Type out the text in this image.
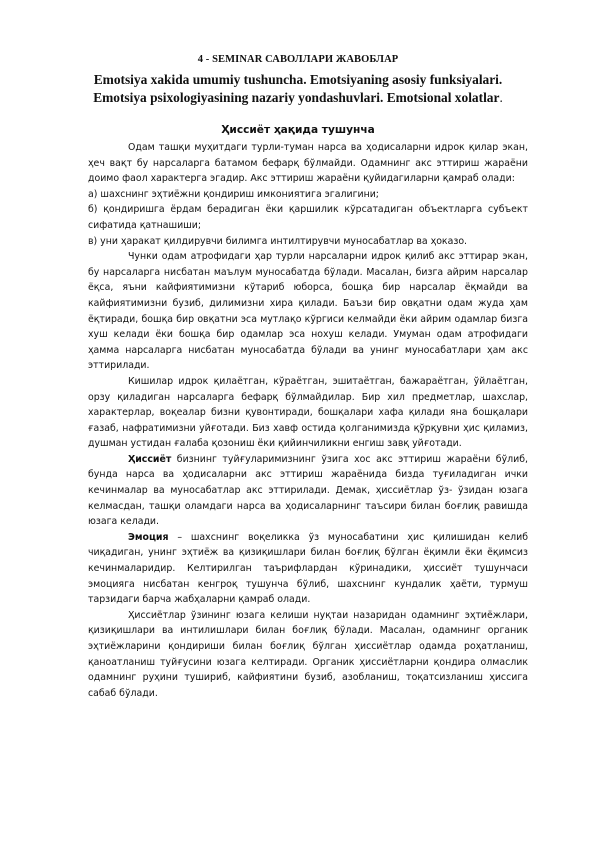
4 - SEMINAR САВОЛЛАРИ ЖАВОБЛАР
Emotsiya xakida umumiy tushuncha. Emotsiyaning asosiy funksiyalari.
Emotsiya psixologiyasining nazariy yondashuvlari. Emotsional xolatlar.
Ҳиссиёт ҳақида тушунча

Одам ташқи муҳитдаги турли-туман нарса ва ҳодисаларни идрок қилар экан, ҳеч вақт бу нарсаларга батамом бефарқ бўлмайди. Одамнинг акс эттириш жараёни доимо фаол характерга эгадир. Акс эттириш жараёни қуйидагиларни қамраб олади:

а) шахснинг эҳтиёжни қондириш имкониятига эгалигини;

б) қондиришга ёрдам берадиган ёки қаршилик кўрсатадиган объектларга субъект сифатида қатнашиши;

в) уни ҳаракат қилдирувчи билимга интилтирувчи муносабатлар ва ҳоказо.

Чунки одам атрофидаги ҳар турли нарсаларни идрок қилиб акс эттирар экан, бу нарсаларга нисбатан маълум муносабатда бўлади. Масалан, бизга айрим нарсалар ёқса, яъни кайфиятимизни кўтариб юборса, бошқа бир нарсалар ёқмайди ва кайфиятимизни бузиб, дилимизни хира қилади. Баъзи бир овқатни одам жуда ҳам ёқтиради, бошқа бир овқатни эса мутлақо кўргиси келмайди ёки айрим одамлар бизга хуш келади ёки бошқа бир одамлар эса нохуш келади. Умуман одам атрофидаги ҳамма нарсаларга нисбатан муносабатда бўлади ва унинг муносабатлари ҳам акс эттирилади.

Кишилар идрок қилаётган, кўраётган, эшитаётган, бажараётган, ўйлаётган, орзу қиладиган нарсаларга бефарқ бўлмайдилар. Бир хил предметлар, шахслар, характерлар, воқеалар бизни қувонтиради, бошқалари хафа қилади яна бошқалари ғазаб, нафратимизни уйғотади. Биз хавф остида қолганимизда қўрқувни ҳис қиламиз, душман устидан ғалаба қозониш ёки қийинчиликни енгиш завқ уйғотади.

Ҳиссиёт бизнинг туйғуларимизнинг ўзига хос акс эттириш жараёни бўлиб, бунда нарса ва ҳодисаларни акс эттириш жараёнида бизда туғиладиган ички кечинмалар ва муносабатлар акс эттирилади. Демак, ҳиссиётлар ўз- ўзидан юзага келмасдан, ташқи оламдаги нарса ва ҳодисаларнинг таъсири билан боғлиқ равишда юзага келади.

Эмоция – шахснинг воқеликка ўз муносабатини ҳис қилишидан келиб чиқадиган, унинг эҳтиёж ва қизиқишлари билан боғлиқ бўлган ёқимли ёки ёқимсиз кечинмаларидир. Келтирилган таърифлардан кўринадики, ҳиссиёт тушунчаси эмоцияга нисбатан кенгроқ тушунча бўлиб, шахснинг кундалик ҳаёти, турмуш тарзидаги барча жабҳаларни қамраб олади.

Ҳиссиётлар ўзининг юзага келиши нуқтаи назаридан одамнинг эҳтиёжлари, қизиқишлари ва интилишлари билан боғлиқ бўлади. Масалан, одамнинг органик эҳтиёжларини қондириши билан боғлиқ бўлган ҳиссиётлар одамда роҳатланиш, қаноатланиш туйғусини юзага келтиради. Органик ҳиссиётларни қондира олмаслик одамнинг руҳини тушириб, кайфиятини бузиб, азобланиш, тоқатсизланиш ҳиссига сабаб бўлади.
